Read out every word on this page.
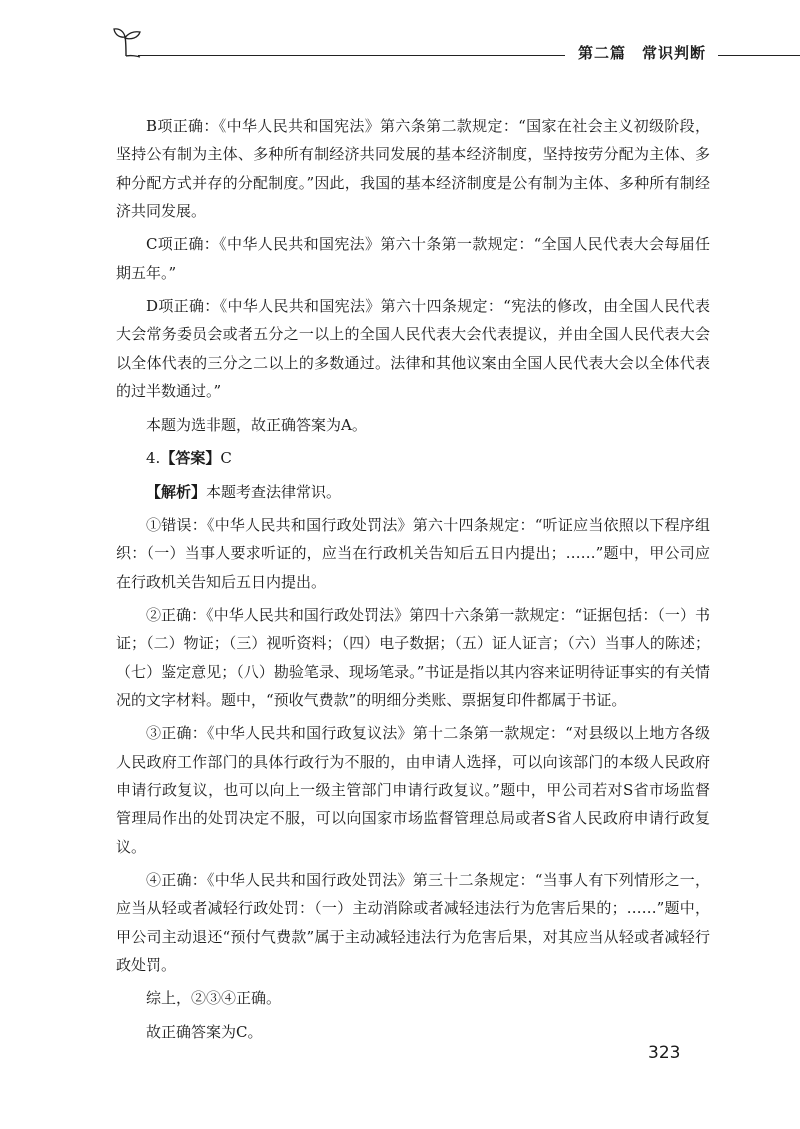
第二篇 常识判断

B项正确：《中华人民共和国宪法》第六条第二款规定：“国家在社会主义初级阶段，坚持公有制为主体、多种所有制经济共同发展的基本经济制度，坚持按劳分配为主体、多种分配方式并存的分配制度。”因此，我国的基本经济制度是公有制为主体、多种所有制经济共同发展。

C项正确：《中华人民共和国宪法》第六十条第一款规定：“全国人民代表大会每届任期五年。”

D项正确：《中华人民共和国宪法》第六十四条规定：“宪法的修改，由全国人民代表大会常务委员会或者五分之一以上的全国人民代表大会代表提议，并由全国人民代表大会以全体代表的三分之二以上的多数通过。法律和其他议案由全国人民代表大会以全体代表的过半数通过。”

本题为选非题，故正确答案为A。

4.【答案】C

【解析】本题考查法律常识。

①错误：《中华人民共和国行政处罚法》第六十四条规定：“听证应当依照以下程序组织：（一）当事人要求听证的，应当在行政机关告知后五日内提出；……”题中，甲公司应在行政机关告知后五日内提出。

②正确：《中华人民共和国行政处罚法》第四十六条第一款规定：“证据包括：（一）书证；（二）物证；（三）视听资料；（四）电子数据；（五）证人证言；（六）当事人的陈述；（七）鉴定意见；（八）勘验笔录、现场笔录。”书证是指以其内容来证明待证事实的有关情况的文字材料。题中，“预收气费款”的明细分类账、票据复印件都属于书证。

③正确：《中华人民共和国行政复议法》第十二条第一款规定：“对县级以上地方各级人民政府工作部门的具体行政行为不服的，由申请人选择，可以向该部门的本级人民政府申请行政复议，也可以向上一级主管部门申请行政复议。”题中，甲公司若对S省市场监督管理局作出的处罚决定不服，可以向国家市场监督管理总局或者S省人民政府申请行政复议。

④正确：《中华人民共和国行政处罚法》第三十二条规定：“当事人有下列情形之一，应当从轻或者减轻行政处罚：（一）主动消除或者减轻违法行为危害后果的；……”题中，甲公司主动退还“预付气费款”属于主动减轻违法行为危害后果，对其应当从轻或者减轻行政处罚。

综上，②③④正确。

故正确答案为C。

323
